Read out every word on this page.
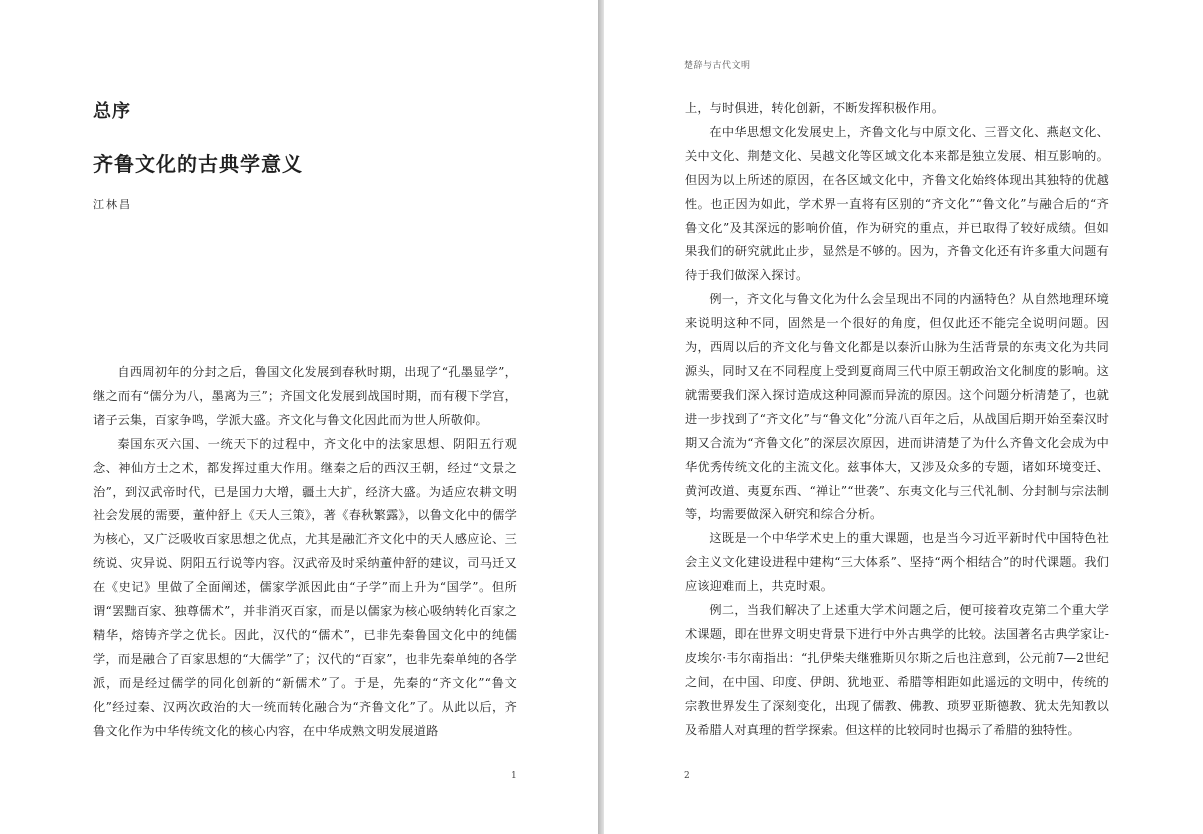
总序
齐鲁文化的古典学意义
江林昌

自西周初年的分封之后，鲁国文化发展到春秋时期，出现了“孔墨显学”，继之而有“儒分为八，墨离为三”；齐国文化发展到战国时期，而有稷下学宫，诸子云集，百家争鸣，学派大盛。齐文化与鲁文化因此而为世人所敬仰。

秦国东灭六国、一统天下的过程中，齐文化中的法家思想、阴阳五行观念、神仙方士之术，都发挥过重大作用。继秦之后的西汉王朝，经过“文景之治”，到汉武帝时代，已是国力大增，疆土大扩，经济大盛。为适应农耕文明社会发展的需要，董仲舒上《天人三策》，著《春秋繁露》，以鲁文化中的儒学为核心，又广泛吸收百家思想之优点，尤其是融汇齐文化中的天人感应论、三统说、灾异说、阴阳五行说等内容。汉武帝及时采纳董仲舒的建议，司马迁又在《史记》里做了全面阐述，儒家学派因此由“子学”而上升为“国学”。但所谓“罢黜百家、独尊儒术”，并非消灭百家，而是以儒家为核心吸纳转化百家之精华，熔铸齐学之优长。因此，汉代的“儒术”，已非先秦鲁国文化中的纯儒学，而是融合了百家思想的“大儒学”了；汉代的“百家”，也非先秦单纯的各学派，而是经过儒学的同化创新的“新儒术”了。于是，先秦的“齐文化”“鲁文化”经过秦、汉两次政治的大一统而转化融合为“齐鲁文化”了。从此以后，齐鲁文化作为中华传统文化的核心内容，在中华成熟文明发展道路

1
楚辞与古代文明

上，与时俱进，转化创新，不断发挥积极作用。

在中华思想文化发展史上，齐鲁文化与中原文化、三晋文化、燕赵文化、关中文化、荆楚文化、吴越文化等区域文化本来都是独立发展、相互影响的。但因为以上所述的原因，在各区域文化中，齐鲁文化始终体现出其独特的优越性。也正因为如此，学术界一直将有区别的“齐文化”“鲁文化”与融合后的“齐鲁文化”及其深远的影响价值，作为研究的重点，并已取得了较好成绩。但如果我们的研究就此止步，显然是不够的。因为，齐鲁文化还有许多重大问题有待于我们做深入探讨。

例一，齐文化与鲁文化为什么会呈现出不同的内涵特色？从自然地理环境来说明这种不同，固然是一个很好的角度，但仅此还不能完全说明问题。因为，西周以后的齐文化与鲁文化都是以泰沂山脉为生活背景的东夷文化为共同源头，同时又在不同程度上受到夏商周三代中原王朝政治文化制度的影响。这就需要我们深入探讨造成这种同源而异流的原因。这个问题分析清楚了，也就进一步找到了“齐文化”与“鲁文化”分流八百年之后，从战国后期开始至秦汉时期又合流为“齐鲁文化”的深层次原因，进而讲清楚了为什么齐鲁文化会成为中华优秀传统文化的主流文化。兹事体大，又涉及众多的专题，诸如环境变迁、黄河改道、夷夏东西、“禅让”“世袭”、东夷文化与三代礼制、分封制与宗法制等，均需要做深入研究和综合分析。

这既是一个中华学术史上的重大课题，也是当今习近平新时代中国特色社会主义文化建设进程中建构“三大体系”、坚持“两个相结合”的时代课题。我们应该迎难而上，共克时艰。

例二，当我们解决了上述重大学术问题之后，便可接着攻克第二个重大学术课题，即在世界文明史背景下进行中外古典学的比较。法国著名古典学家让-皮埃尔·韦尔南指出：“扎伊柴夫继雅斯贝尔斯之后也注意到，公元前7—2世纪之间，在中国、印度、伊朗、犹地亚、希腊等相距如此遥远的文明中，传统的宗教世界发生了深刻变化，出现了儒教、佛教、琐罗亚斯德教、犹太先知教以及希腊人对真理的哲学探索。但这样的比较同时也揭示了希腊的独特性。

2
